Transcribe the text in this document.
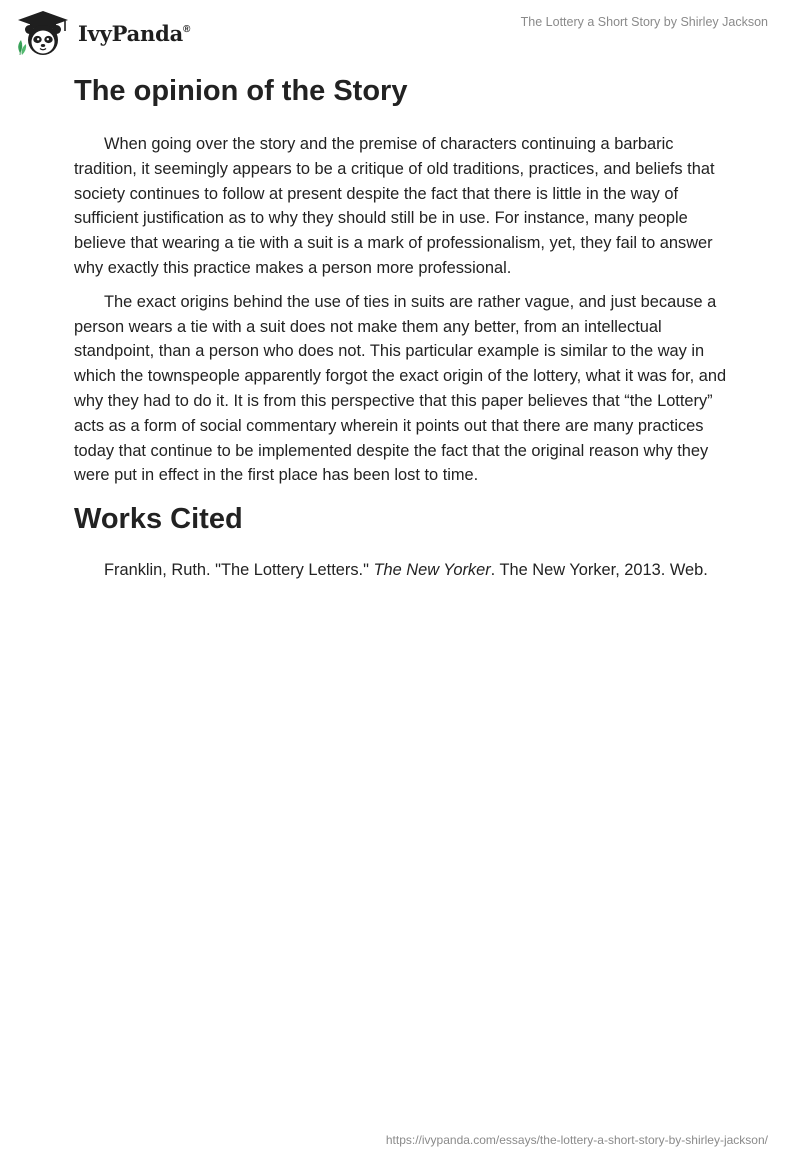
IvyPanda®	The Lottery a Short Story by Shirley Jackson
The opinion of the Story

When going over the story and the premise of characters continuing a barbaric tradition, it seemingly appears to be a critique of old traditions, practices, and beliefs that society continues to follow at present despite the fact that there is little in the way of sufficient justification as to why they should still be in use. For instance, many people believe that wearing a tie with a suit is a mark of professionalism, yet, they fail to answer why exactly this practice makes a person more professional.

The exact origins behind the use of ties in suits are rather vague, and just because a person wears a tie with a suit does not make them any better, from an intellectual standpoint, than a person who does not. This particular example is similar to the way in which the townspeople apparently forgot the exact origin of the lottery, what it was for, and why they had to do it. It is from this perspective that this paper believes that “the Lottery” acts as a form of social commentary wherein it points out that there are many practices today that continue to be implemented despite the fact that the original reason why they were put in effect in the first place has been lost to time.

Works Cited

Franklin, Ruth. "The Lottery Letters." The New Yorker. The New Yorker, 2013. Web.

https://ivypanda.com/essays/the-lottery-a-short-story-by-shirley-jackson/
